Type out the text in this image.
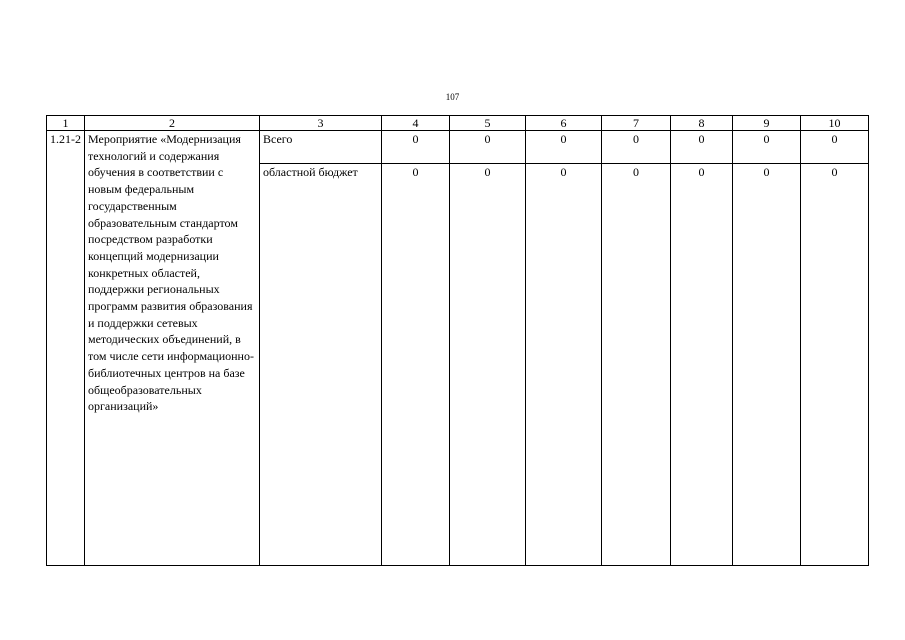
107
1	2	3	4	5	6	7	8	9	10
1.21-2	Мероприятие «Модернизация технологий и содержания обучения в соответствии с новым федеральным государственным образовательным стандартом посредством разработки концепций модернизации конкретных областей, поддержки региональных программ развития образования и поддержки сетевых методических объединений, в том числе сети информационно-библиотечных центров на базе общеобразовательных организаций»	Всего	0	0	0	0	0	0	0
		областной бюджет	0	0	0	0	0	0	0
